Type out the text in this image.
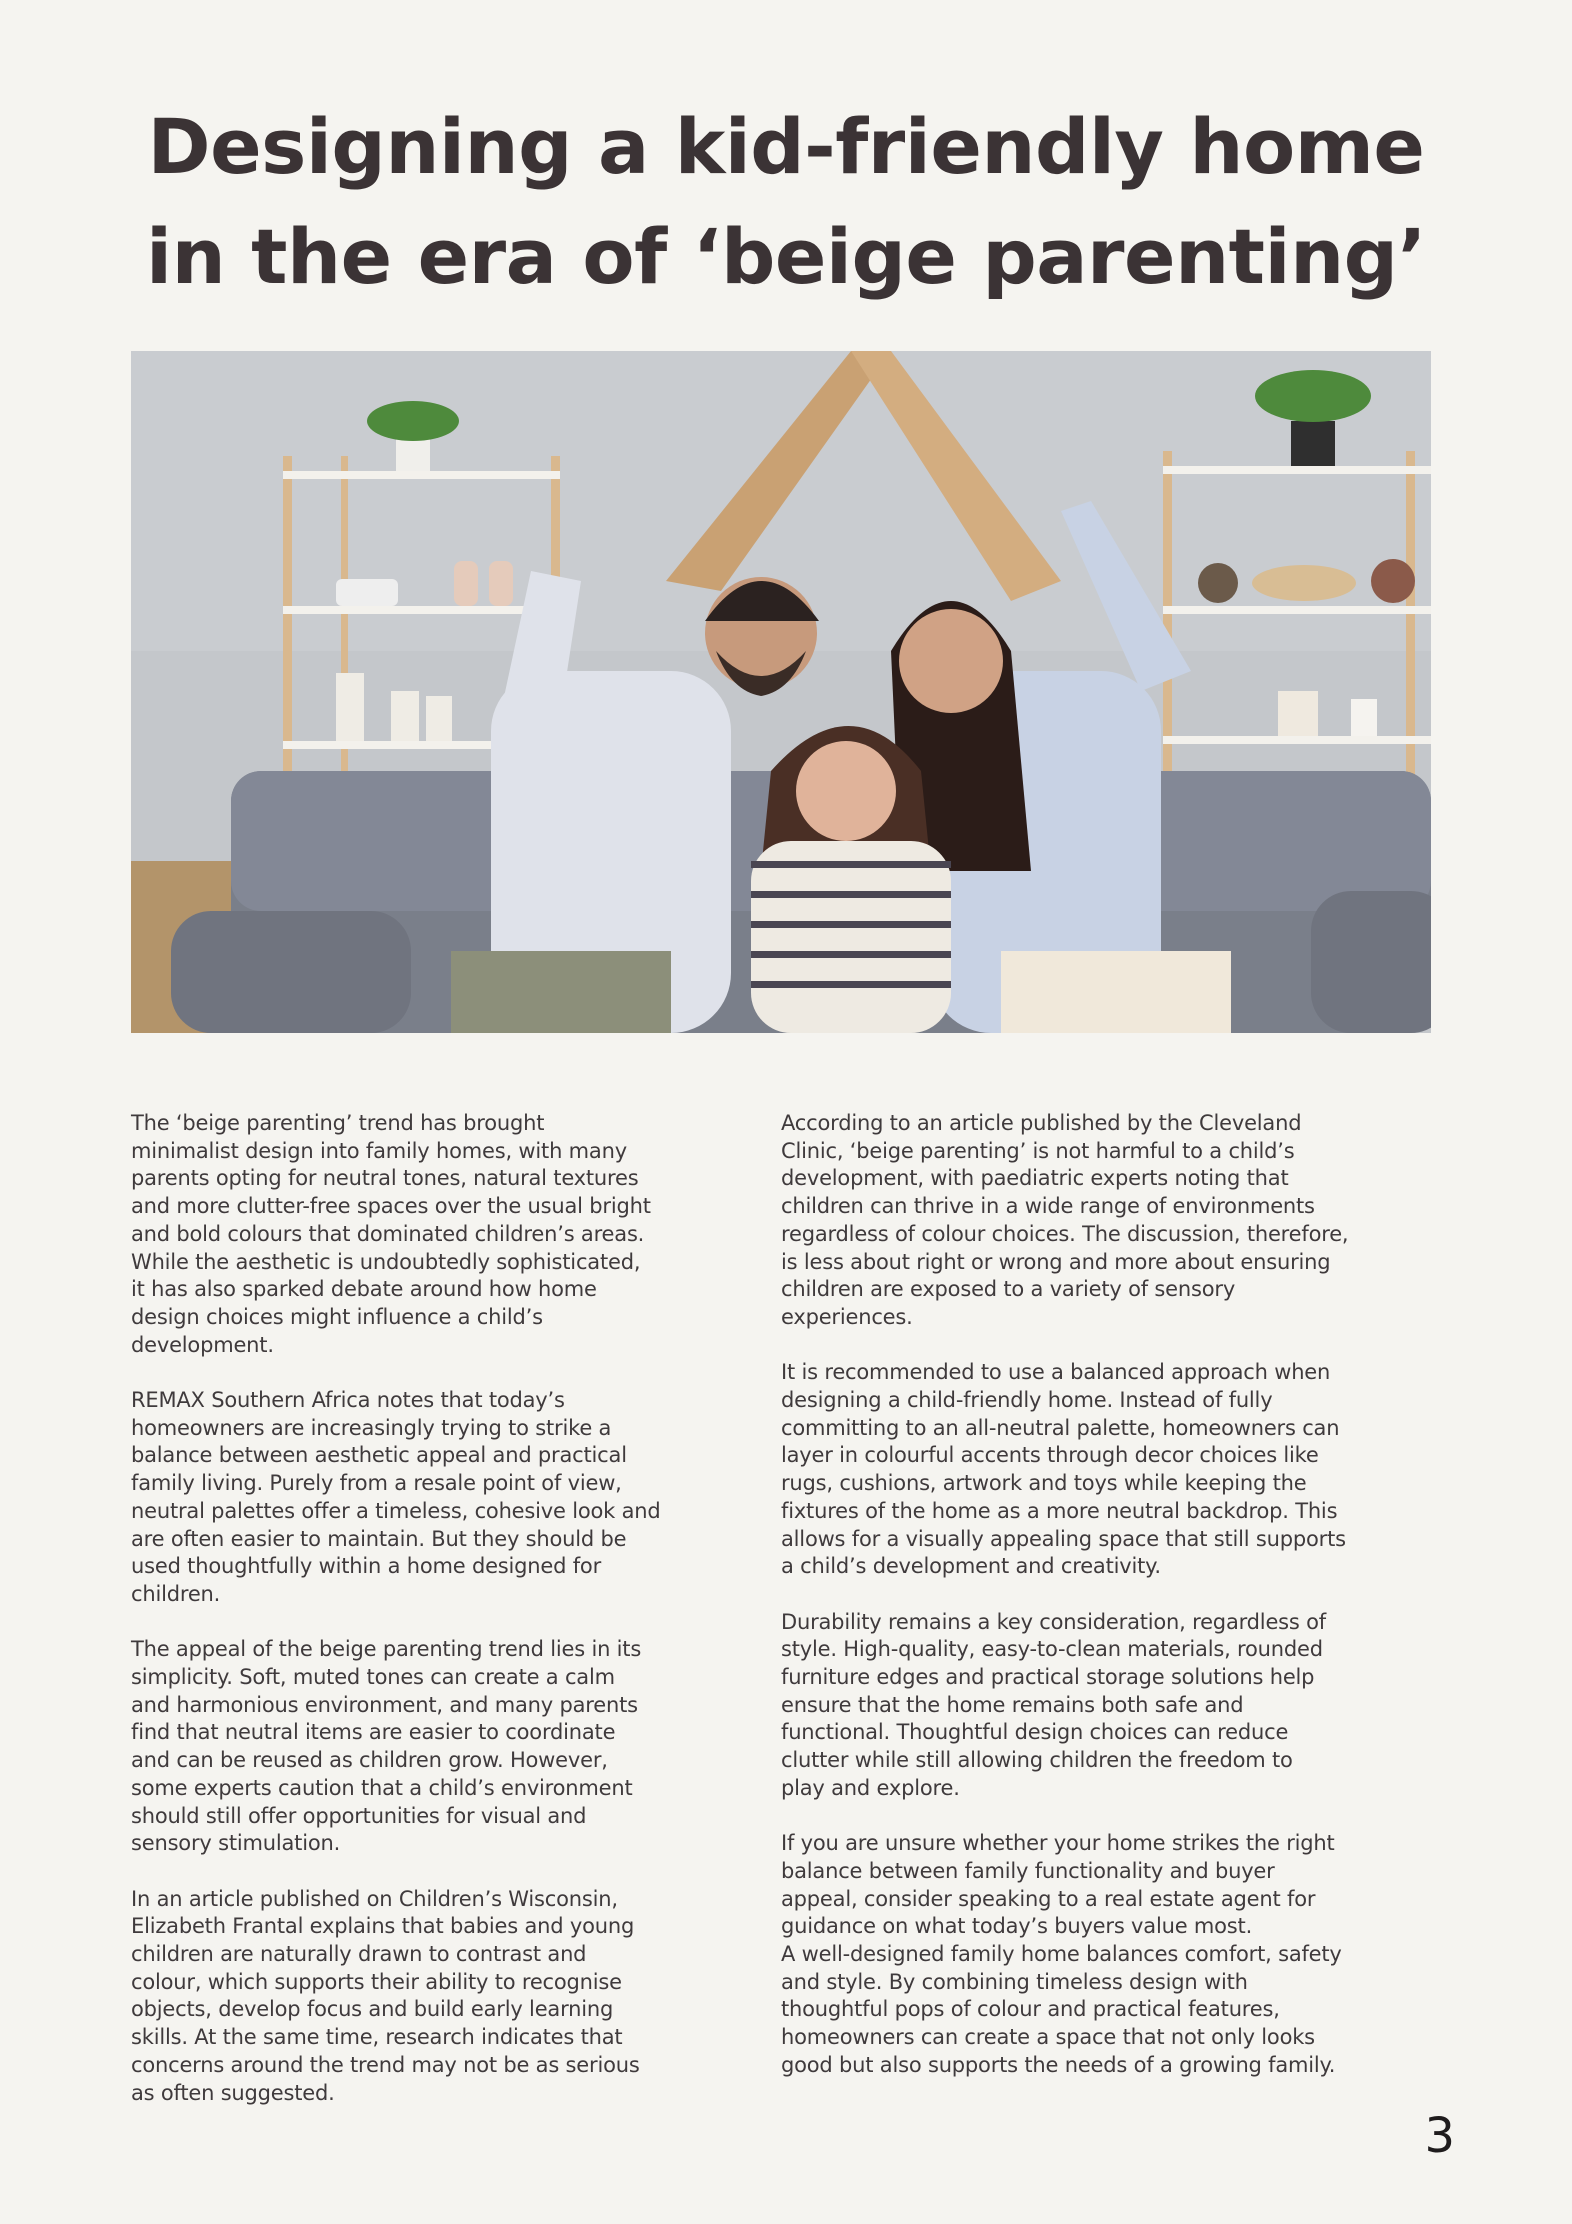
Designing a kid-friendly home
in the era of ‘beige parenting’

The ‘beige parenting’ trend has brought
minimalist design into family homes, with many
parents opting for neutral tones, natural textures
and more clutter-free spaces over the usual bright
and bold colours that dominated children’s areas.
While the aesthetic is undoubtedly sophisticated,
it has also sparked debate around how home
design choices might influence a child’s
development.

REMAX Southern Africa notes that today’s
homeowners are increasingly trying to strike a
balance between aesthetic appeal and practical
family living. Purely from a resale point of view,
neutral palettes offer a timeless, cohesive look and
are often easier to maintain. But they should be
used thoughtfully within a home designed for
children.

The appeal of the beige parenting trend lies in its
simplicity. Soft, muted tones can create a calm
and harmonious environment, and many parents
find that neutral items are easier to coordinate
and can be reused as children grow. However,
some experts caution that a child’s environment
should still offer opportunities for visual and
sensory stimulation.

In an article published on Children’s Wisconsin,
Elizabeth Frantal explains that babies and young
children are naturally drawn to contrast and
colour, which supports their ability to recognise
objects, develop focus and build early learning
skills. At the same time, research indicates that
concerns around the trend may not be as serious
as often suggested.

According to an article published by the Cleveland
Clinic, ‘beige parenting’ is not harmful to a child’s
development, with paediatric experts noting that
children can thrive in a wide range of environments
regardless of colour choices. The discussion, therefore,
is less about right or wrong and more about ensuring
children are exposed to a variety of sensory
experiences.

It is recommended to use a balanced approach when
designing a child-friendly home. Instead of fully
committing to an all-neutral palette, homeowners can
layer in colourful accents through decor choices like
rugs, cushions, artwork and toys while keeping the
fixtures of the home as a more neutral backdrop. This
allows for a visually appealing space that still supports
a child’s development and creativity.

Durability remains a key consideration, regardless of
style. High-quality, easy-to-clean materials, rounded
furniture edges and practical storage solutions help
ensure that the home remains both safe and
functional. Thoughtful design choices can reduce
clutter while still allowing children the freedom to
play and explore.

If you are unsure whether your home strikes the right
balance between family functionality and buyer
appeal, consider speaking to a real estate agent for
guidance on what today’s buyers value most.

A well-designed family home balances comfort, safety
and style. By combining timeless design with
thoughtful pops of colour and practical features,
homeowners can create a space that not only looks
good but also supports the needs of a growing family.

3
